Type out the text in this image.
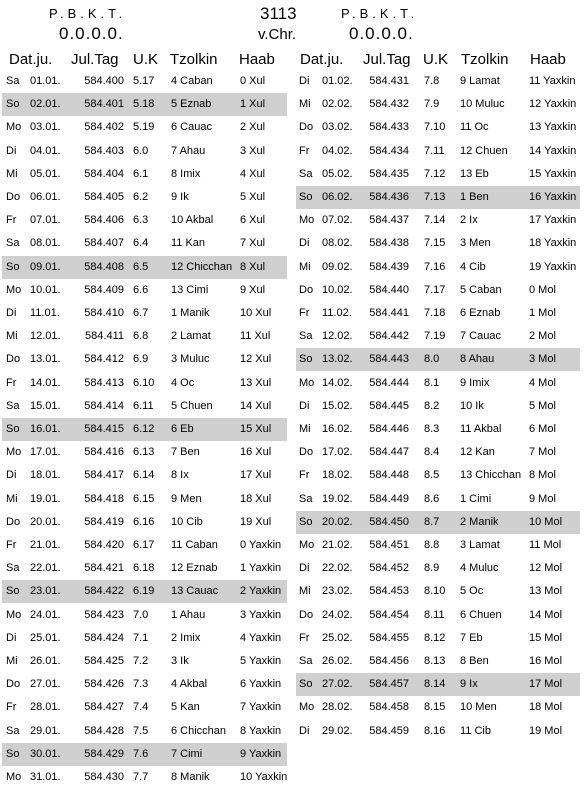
P.B.K.T.
0.0.0.0.
3113
v.Chr.
P.B.K.T.
0.0.0.0.
Dat.ju. Jul.Tag U.K Tzolkin Haab Dat.ju. Jul.Tag U.K Tzolkin Haab
Sa 01.01.	584.400 5.17 4 Caban 0 Xul
So 02.01.	584.401 5.18 5 Eznab	1 Xul
Mo 03.01.	584.402 5.19 6 Cauac	2 Xul
Di 04.01.	584.403 6.0 7 Ahau	3 Xul
Mi 05.01.	584.404 6.1 8 Imix	4 Xul
Do 06.01.	584.405 6.2 9 Ik	5 Xul
Fr 07.01.	584.406 6.3 10 Akbal 6 Xul
Sa 08.01.	584.407 6.4 11 Kan	7 Xul
So 09.01.	584.408 6.5 12 Chicchan 8 Xul
Mo 10.01.	584.409 6.6 13 Cimi	9 Xul
Di 11.01.	584.410 6.7 1 Manik	10 Xul
Mi 12.01.	584.411 6.8 2 Lamat	11 Xul
Do 13.01.	584.412 6.9 3 Muluc	12 Xul
Fr 14.01.	584.413 6.10 4 Oc	13 Xul
Sa 15.01.	584.414 6.11 5 Chuen 14 Xul
So 16.01.	584.415 6.12 6 Eb	15 Xul
Mo 17.01.	584.416 6.13 7 Ben	16 Xul
Di 18.01.	584.417 6.14 8 Ix	17 Xul
Mi 19.01.	584.418 6.15 9 Men	18 Xul
Do 20.01.	584.419 6.16 10 Cib	19 Xul
Fr 21.01.	584.420 6.17 11 Caban 0 Yaxkin
Sa 22.01.	584.421 6.18 12 Eznab 1 Yaxkin
So 23.01.	584.422 6.19 13 Cauac 2 Yaxkin
Mo 24.01.	584.423 7.0 1 Ahau	3 Yaxkin
Di 25.01.	584.424 7.1 2 Imix	4 Yaxkin
Mi 26.01.	584.425 7.2 3 Ik	5 Yaxkin
Do 27.01.	584.426 7.3 4 Akbal	6 Yaxkin
Fr 28.01.	584.427 7.4 5 Kan	7 Yaxkin
Sa 29.01.	584.428 7.5 6 Chicchan 8 Yaxkin
So 30.01.	584.429 7.6 7 Cimi	9 Yaxkin
Mo 31.01.	584.430 7.7 8 Manik	10 Yaxkin
Di 01.02.	584.431 7.8 9 Lamat	11 Yaxkin
Mi 02.02.	584.432 7.9 10 Muluc 12 Yaxkin
Do 03.02.	584.433 7.10 11 Oc	13 Yaxkin
Fr 04.02.	584.434 7.11 12 Chuen 14 Yaxkin
Sa 05.02.	584.435 7.12 13 Eb	15 Yaxkin
So 06.02.	584.436 7.13 1 Ben	16 Yaxkin
Mo 07.02.	584.437 7.14 2 Ix	17 Yaxkin
Di 08.02.	584.438 7.15 3 Men	18 Yaxkin
Mi 09.02.	584.439 7.16 4 Cib	19 Yaxkin
Do 10.02.	584.440 7.17 5 Caban 0 Mol
Fr 11.02.	584.441 7.18 6 Eznab	1 Mol
Sa 12.02.	584.442 7.19 7 Cauac	2 Mol
So 13.02.	584.443 8.0 8 Ahau	3 Mol
Mo 14.02.	584.444 8.1 9 Imix	4 Mol
Di 15.02.	584.445 8.2 10 Ik	5 Mol
Mi 16.02.	584.446 8.3 11 Akbal	6 Mol
Do 17.02.	584.447 8.4 12 Kan	7 Mol
Fr 18.02.	584.448 8.5 13 Chicchan 8 Mol
Sa 19.02.	584.449 8.6 1 Cimi	9 Mol
So 20.02.	584.450 8.7 2 Manik	10 Mol
Mo 21.02.	584.451 8.8 3 Lamat	11 Mol
Di 22.02.	584.452 8.9 4 Muluc	12 Mol
Mi 23.02.	584.453 8.10 5 Oc	13 Mol
Do 24.02.	584.454 8.11 6 Chuen 14 Mol
Fr 25.02.	584.455 8.12 7 Eb	15 Mol
Sa 26.02.	584.456 8.13 8 Ben	16 Mol
So 27.02.	584.457 8.14 9 Ix	17 Mol
Mo 28.02.	584.458 8.15 10 Men	18 Mol
Di 29.02.	584.459 8.16 11 Cib	19 Mol
